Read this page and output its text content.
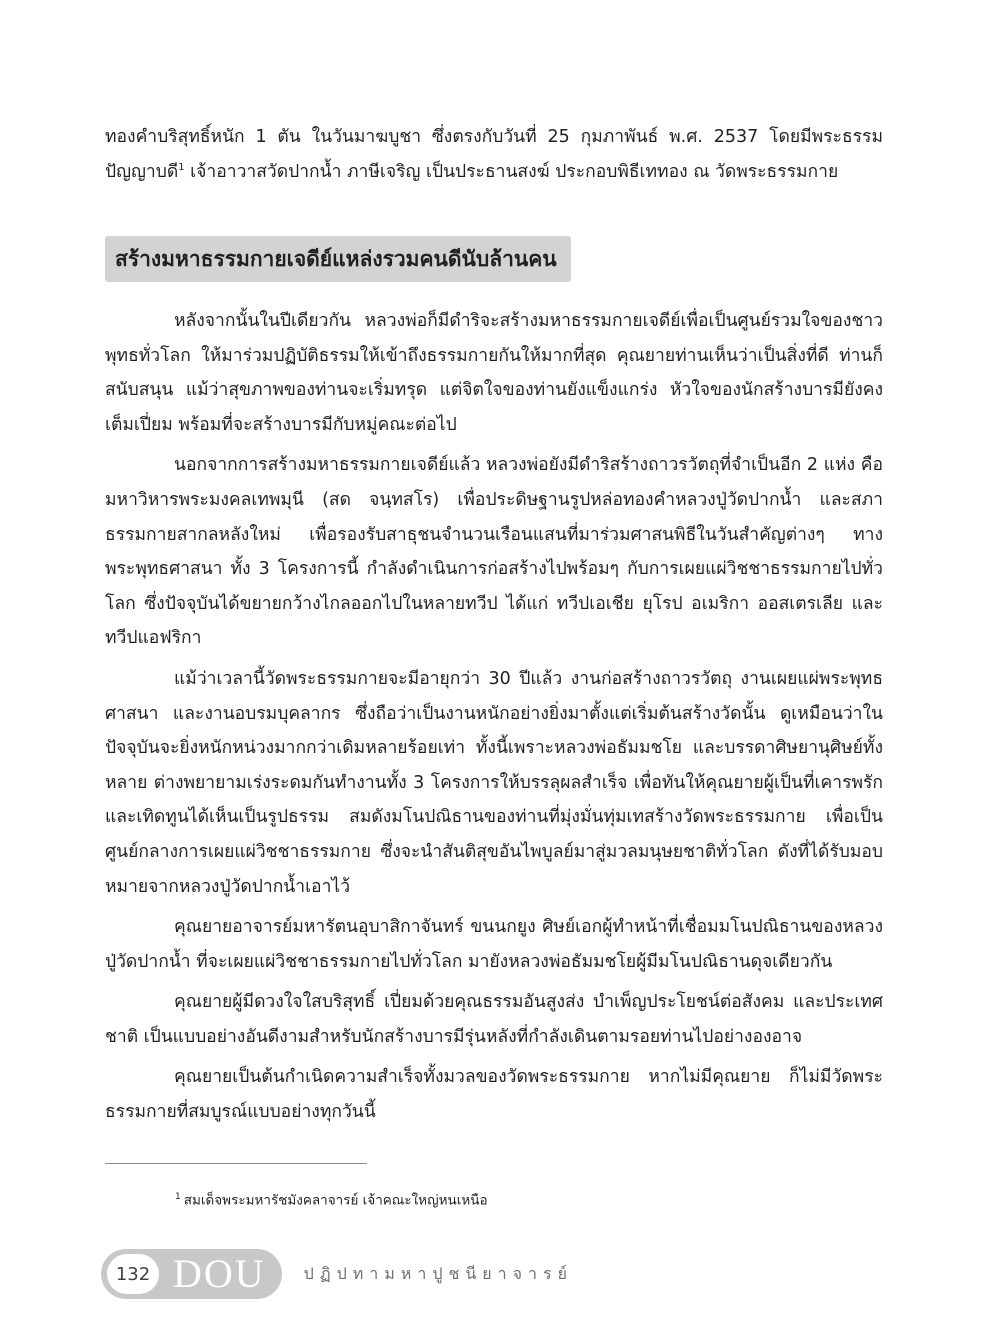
ทองคำบริสุทธิ์หนัก 1 ตัน ในวันมาฆบูชา ซึ่งตรงกับวันที่ 25 กุมภาพันธ์ พ.ศ. 2537 โดยมีพระธรรมปัญญาบดี$^1$ เจ้าอาวาสวัดปากน้ำ ภาษีเจริญ เป็นประธานสงฆ์ ประกอบพิธีเททอง ณ วัดพระธรรมกาย

สร้างมหาธรรมกายเจดีย์แหล่งรวมคนดีนับล้านคน

หลังจากนั้นในปีเดียวกัน หลวงพ่อก็มีดำริจะสร้างมหาธรรมกายเจดีย์เพื่อเป็นศูนย์รวมใจของชาวพุทธทั่วโลก ให้มาร่วมปฏิบัติธรรมให้เข้าถึงธรรมกายกันให้มากที่สุด คุณยายท่านเห็นว่าเป็นสิ่งที่ดี ท่านก็สนับสนุน แม้ว่าสุขภาพของท่านจะเริ่มทรุด แต่จิตใจของท่านยังแข็งแกร่ง หัวใจของนักสร้างบารมียังคงเต็มเปี่ยม พร้อมที่จะสร้างบารมีกับหมู่คณะต่อไป

นอกจากการสร้างมหาธรรมกายเจดีย์แล้ว หลวงพ่อยังมีดำริสร้างถาวรวัตถุที่จำเป็นอีก 2 แห่ง คือ มหาวิหารพระมงคลเทพมุนี (สด จนฺทสโร) เพื่อประดิษฐานรูปหล่อทองคำหลวงปู่วัดปากน้ำ และสภาธรรมกายสากลหลังใหม่ เพื่อรองรับสาธุชนจำนวนเรือนแสนที่มาร่วมศาสนพิธีในวันสำคัญต่างๆ ทางพระพุทธศาสนา ทั้ง 3 โครงการนี้ กำลังดำเนินการก่อสร้างไปพร้อมๆ กับการเผยแผ่วิชชาธรรมกายไปทั่วโลก ซึ่งปัจจุบันได้ขยายกว้างไกลออกไปในหลายทวีป ได้แก่ ทวีปเอเชีย ยุโรป อเมริกา ออสเตรเลีย และทวีปแอฟริกา

แม้ว่าเวลานี้วัดพระธรรมกายจะมีอายุกว่า 30 ปีแล้ว งานก่อสร้างถาวรวัตถุ งานเผยแผ่พระพุทธศาสนา และงานอบรมบุคลากร ซึ่งถือว่าเป็นงานหนักอย่างยิ่งมาตั้งแต่เริ่มต้นสร้างวัดนั้น ดูเหมือนว่าในปัจจุบันจะยิ่งหนักหน่วงมากกว่าเดิมหลายร้อยเท่า ทั้งนี้เพราะหลวงพ่อธัมมชโย และบรรดาศิษยานุศิษย์ทั้งหลาย ต่างพยายามเร่งระดมกันทำงานทั้ง 3 โครงการให้บรรลุผลสำเร็จ เพื่อทันให้คุณยายผู้เป็นที่เคารพรักและเทิดทูนได้เห็นเป็นรูปธรรม สมดังมโนปณิธานของท่านที่มุ่งมั่นทุ่มเทสร้างวัดพระธรรมกาย เพื่อเป็นศูนย์กลางการเผยแผ่วิชชาธรรมกาย ซึ่งจะนำสันติสุขอันไพบูลย์มาสู่มวลมนุษยชาติทั่วโลก ดังที่ได้รับมอบหมายจากหลวงปู่วัดปากน้ำเอาไว้

คุณยายอาจารย์มหารัตนอุบาสิกาจันทร์ ขนนกยูง ศิษย์เอกผู้ทำหน้าที่เชื่อมมโนปณิธานของหลวงปู่วัดปากน้ำ ที่จะเผยแผ่วิชชาธรรมกายไปทั่วโลก มายังหลวงพ่อธัมมชโยผู้มีมโนปณิธานดุจเดียวกัน

คุณยายผู้มีดวงใจใสบริสุทธิ์ เปี่ยมด้วยคุณธรรมอันสูงส่ง บำเพ็ญประโยชน์ต่อสังคม และประเทศชาติ เป็นแบบอย่างอันดีงามสำหรับนักสร้างบารมีรุ่นหลังที่กำลังเดินตามรอยท่านไปอย่างองอาจ

คุณยายเป็นต้นกำเนิดความสำเร็จทั้งมวลของวัดพระธรรมกาย หากไม่มีคุณยาย ก็ไม่มีวัดพระธรรมกายที่สมบูรณ์แบบอย่างทุกวันนี้

$^1$ สมเด็จพระมหารัชมังคลาจารย์ เจ้าคณะใหญ่หนเหนือ
132 DOU ปฏิปทามหาปูชนียาจารย์
